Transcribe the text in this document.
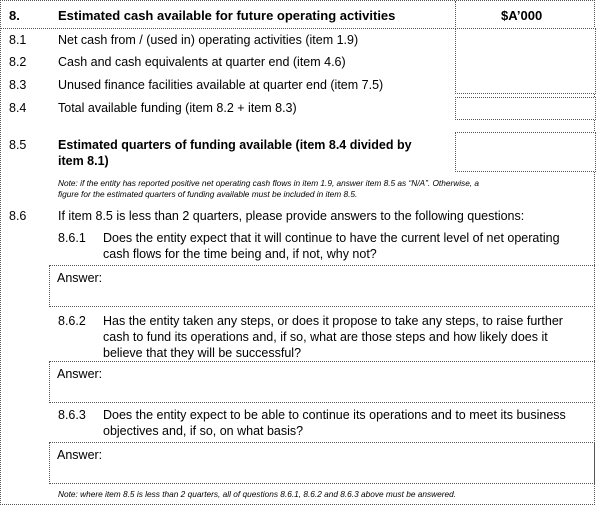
8.	Estimated cash available for future operating activities	$A’000
8.1	Net cash from / (used in) operating activities (item 1.9)
8.2	Cash and cash equivalents at quarter end (item 4.6)
8.3	Unused finance facilities available at quarter end (item 7.5)
8.4	Total available funding (item 8.2 + item 8.3)
8.5	Estimated quarters of funding available (item 8.4 divided by
item 8.1)
Note: if the entity has reported positive net operating cash flows in item 1.9, answer item 8.5 as “N/A”. Otherwise, a
figure for the estimated quarters of funding available must be included in item 8.5.
8.6	If item 8.5 is less than 2 quarters, please provide answers to the following questions:
8.6.1 Does the entity expect that it will continue to have the current level of net operating
cash flows for the time being and, if not, why not?
Answer:
8.6.2 Has the entity taken any steps, or does it propose to take any steps, to raise further
cash to fund its operations and, if so, what are those steps and how likely does it
believe that they will be successful?
Answer:
8.6.3 Does the entity expect to be able to continue its operations and to meet its business
objectives and, if so, on what basis?
Answer:
Note: where item 8.5 is less than 2 quarters, all of questions 8.6.1, 8.6.2 and 8.6.3 above must be answered.
